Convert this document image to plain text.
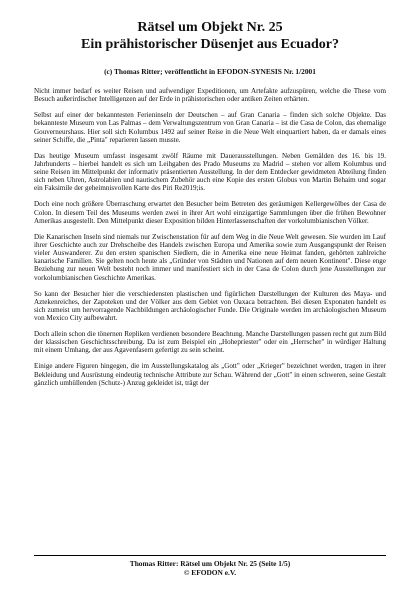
Rätsel um Objekt Nr. 25
Ein prähistorischer Düsenjet aus Ecuador?
(c) Thomas Ritter; veröffentlicht in EFODON-SYNESIS Nr. 1/2001

Nicht immer bedarf es weiter Reisen und aufwendiger Expeditionen, um Artefakte aufzuspüren, welche die These vom Besuch außerirdischer Intelligenzen auf der Erde in prähistorischen oder antiken Zeiten erhärten.

Selbst auf einer der bekanntesten Ferieninseln der Deutschen – auf Gran Canaria – finden sich solche Objekte. Das bekannteste Museum von Las Palmas – dem Verwaltungszentrum von Gran Canaria – ist die Casa de Colon, das ehemalige Gouverneurshaus. Hier soll sich Kolumbus 1492 auf seiner Reise in die Neue Welt einquartiert haben, da er damals eines seiner Schiffe, die „Pinta" reparieren lassen musste.

Das heutige Museum umfasst insgesamt zwölf Räume mit Dauerausstellungen. Neben Gemälden des 16. bis 19. Jahrhunderts – hierbei handelt es sich um Leihgaben des Prado Museums zu Madrid – stehen vor allem Kolumbus und seine Reisen im Mittelpunkt der informativ präsentierten Ausstellung. In der dem Entdecker gewidmeten Abteilung finden sich neben Uhren, Astrolabien und nautischem Zubehör auch eine Kopie des ersten Globus von Martin Behaim und sogar ein Faksimile der geheimnisvollen Karte des Piri Re2019;is.

Doch eine noch größere Überraschung erwartet den Besucher beim Betreten des geräumigen Kellergewölbes der Casa de Colon. In diesem Teil des Museums werden zwei in ihrer Art wohl einzigartige Sammlungen über die frühen Bewohner Amerikas ausgestellt. Den Mittelpunkt dieser Exposition bilden Hinterlassenschaften der vorkolumbianischen Völker.

Die Kanarischen Inseln sind niemals nur Zwischenstation für auf dem Weg in die Neue Welt gewesen. Sie wurden im Lauf ihrer Geschichte auch zur Drehscheibe des Handels zwischen Europa und Amerika sowie zum Ausgangspunkt der Reisen vieler Auswanderer. Zu den ersten spanischen Siedlern, die in Amerika eine neue Heimat fanden, gehörten zahlreiche kanarische Familien. Sie gelten noch heute als „Gründer von Städten und Nationen auf dem neuen Kontinent". Diese enge Beziehung zur neuen Welt besteht noch immer und manifestiert sich in der Casa de Colon durch jene Ausstellungen zur vorkolumbianischen Geschichte Amerikas.

So kann der Besucher hier die verschiedensten plastischen und figürlichen Darstellungen der Kulturen des Maya- und Aztekenreiches, der Zapoteken und der Völker aus dem Gebiet von Oaxaca betrachten. Bei diesen Exponaten handelt es sich zumeist um hervorragende Nachbildungen archäologischer Funde. Die Originale werden im archäologischen Museum von Mexico City aufbewahrt.

Doch allein schon die tönernen Repliken verdienen besondere Beachtung. Manche Darstellungen passen recht gut zum Bild der klassischen Geschichtsschreibung. Da ist zum Beispiel ein „Hohepriester" oder ein „Herrscher" in würdiger Haltung mit einem Umhang, der aus Agavenfasern gefertigt zu sein scheint.

Einige andere Figuren hingegen, die im Ausstellungskatalog als „Gott" oder „Krieger" bezeichnet werden, tragen in ihrer Bekleidung und Ausrüstung eindeutig technische Attribute zur Schau. Während der „Gott" in einen schweren, seine Gestalt gänzlich umhüllenden (Schutz-) Anzug gekleidet ist, trägt der

Thomas Ritter: Rätsel um Objekt Nr. 25 (Seite 1/5)
© EFODON e.V.
